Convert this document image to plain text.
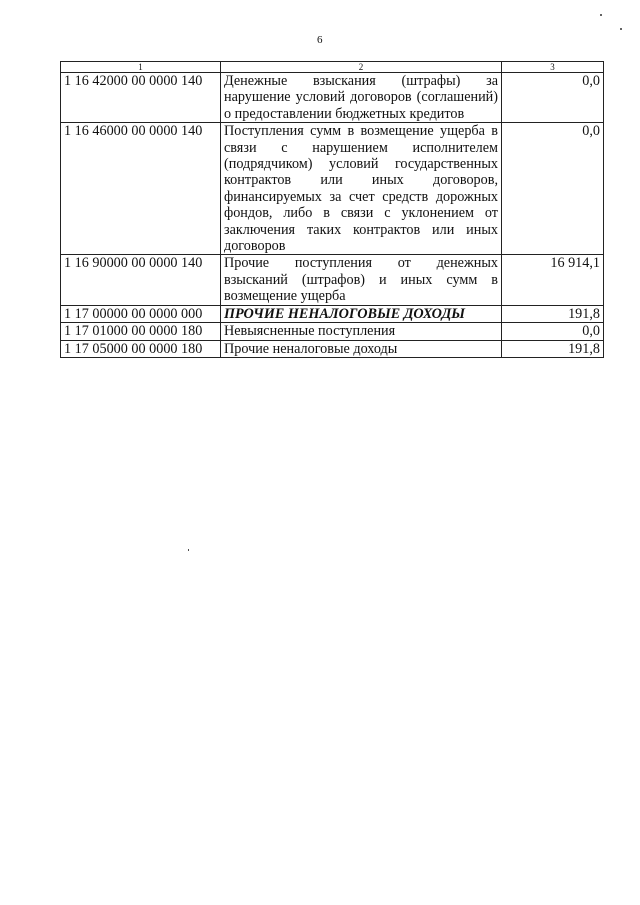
6
1	2	3
1 16 42000 00 0000 140	Денежные взыскания (штрафы) за нарушение условий договоров (соглашений) о предоставлении бюджетных кредитов	0,0
1 16 46000 00 0000 140	Поступления сумм в возмещение ущерба в связи с нарушением исполнителем (подрядчиком) условий государственных контрактов или иных договоров, финансируемых за счет средств дорожных фондов, либо в связи с уклонением от заключения таких контрактов или иных договоров	0,0
1 16 90000 00 0000 140	Прочие поступления от денежных взысканий (штрафов) и иных сумм в возмещение ущерба	16 914,1
1 17 00000 00 0000 000	ПРОЧИЕ НЕНАЛОГОВЫЕ ДОХОДЫ	191,8
1 17 01000 00 0000 180	Невыясненные поступления	0,0
1 17 05000 00 0000 180	Прочие неналоговые доходы	191,8
